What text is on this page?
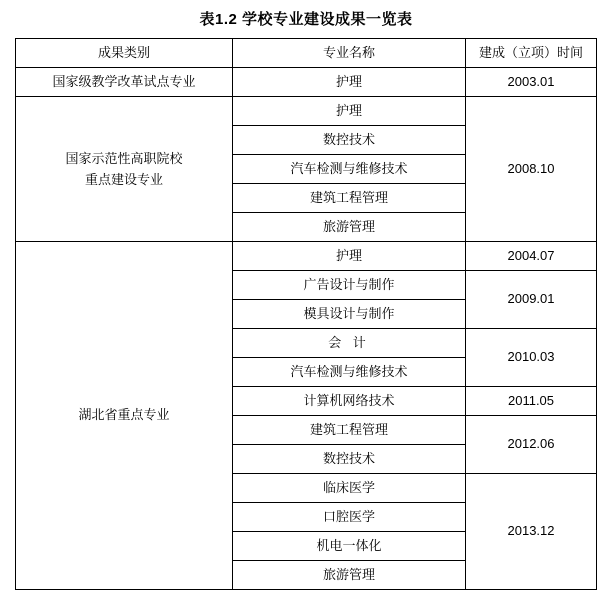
表1.2 学校专业建设成果一览表
成果类别	专业名称	建成（立项）时间
国家级教学改革试点专业	护理	2003.01

国家示范性高职院校
重点建设专业	护理	2008.10
	数控技术	
	汽车检测与维修技术	
	建筑工程管理	
	旅游管理	
湖北省重点专业	护理	2004.07
	广告设计与制作	2009.01
	模具设计与制作	
	会 计	2010.03
	汽车检测与维修技术	
	计算机网络技术	2011.05
	建筑工程管理	2012.06
	数控技术	
	临床医学	2013.12
	口腔医学	
	机电一体化	
	旅游管理	
